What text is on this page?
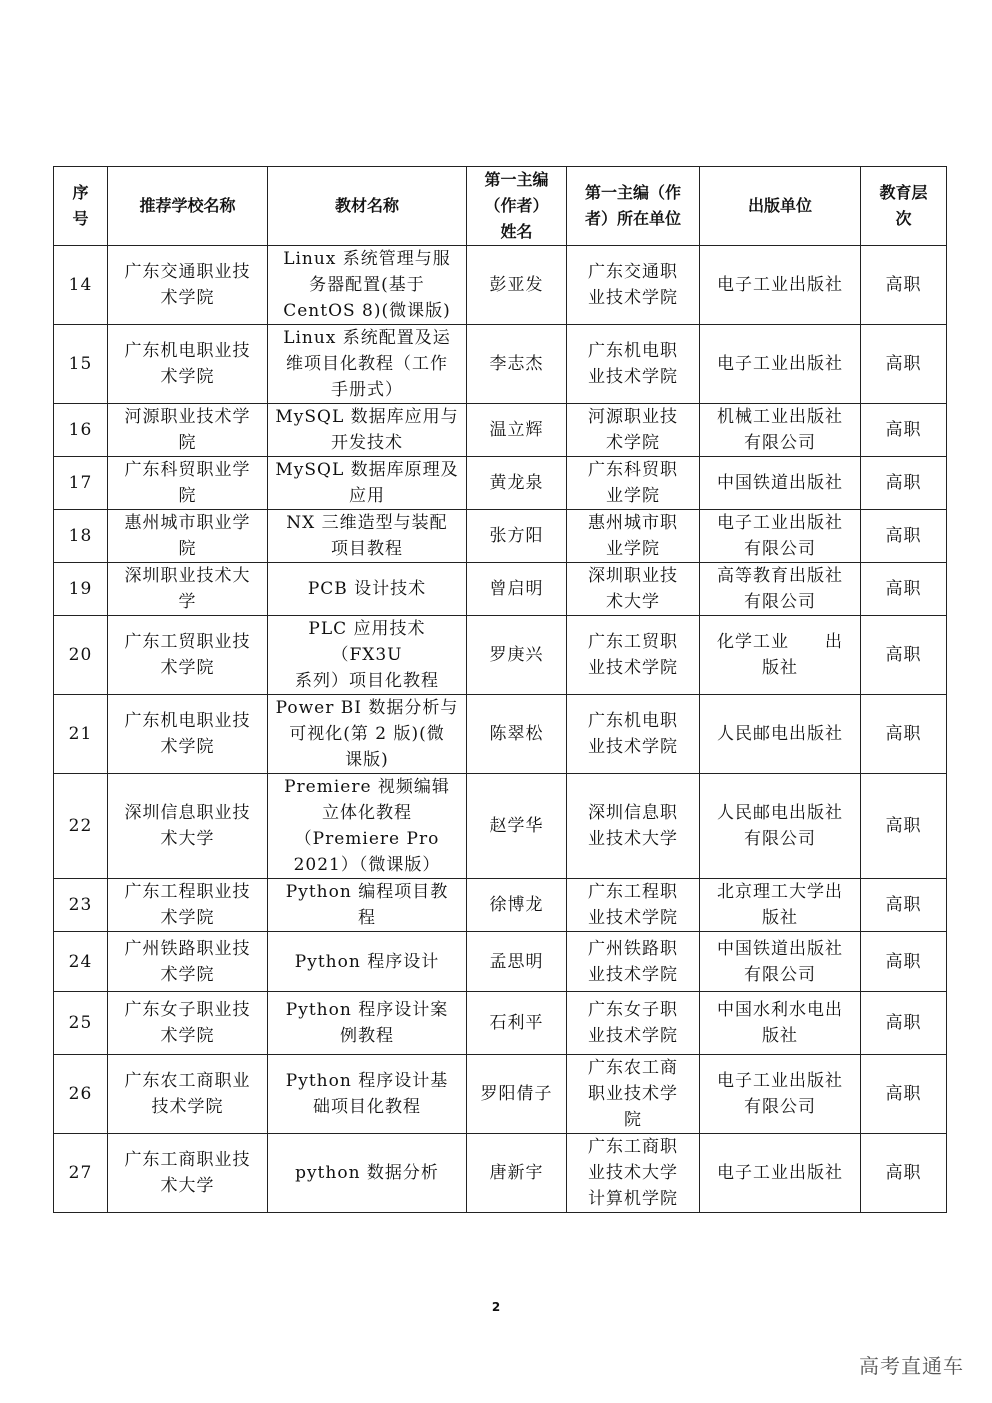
序
号	推荐学校名称	教材名称	第一主编
（作者）
姓名	第一主编（作
者）所在单位	出版单位	教育层
次
14	广东交通职业技
术学院	Linux 系统管理与服
务器配置(基于
CentOS 8)(微课版)	彭亚发	广东交通职
业技术学院	电子工业出版社	高职
15	广东机电职业技
术学院	Linux 系统配置及运
维项目化教程（工作
手册式）	李志杰	广东机电职
业技术学院	电子工业出版社	高职
16	河源职业技术学
院	MySQL 数据库应用与
开发技术	温立辉	河源职业技
术学院	机械工业出版社
有限公司	高职
17	广东科贸职业学
院	MySQL 数据库原理及
应用	黄龙泉	广东科贸职
业学院	中国铁道出版社	高职
18	惠州城市职业学
院	NX 三维造型与装配
项目教程	张方阳	惠州城市职
业学院	电子工业出版社
有限公司	高职
19	深圳职业技术大
学	PCB 设计技术	曾启明	深圳职业技
术大学	高等教育出版社
有限公司	高职
20	广东工贸职业技
术学院	PLC 应用技术（FX3U
系列）项目化教程	罗庚兴	广东工贸职
业技术学院	化学工业　　出
版社	高职
21	广东机电职业技
术学院	Power BI 数据分析与
可视化(第 2 版)(微
课版)	陈翠松	广东机电职
业技术学院	人民邮电出版社	高职
22	深圳信息职业技
术大学	Premiere 视频编辑
立体化教程
（Premiere Pro
2021）（微课版）	赵学华	深圳信息职
业技术大学	人民邮电出版社
有限公司	高职
23	广东工程职业技
术学院	Python 编程项目教
程	徐博龙	广东工程职
业技术学院	北京理工大学出
版社	高职
24	广州铁路职业技
术学院	Python 程序设计	孟思明	广州铁路职
业技术学院	中国铁道出版社
有限公司	高职
25	广东女子职业技
术学院	Python 程序设计案
例教程	石利平	广东女子职
业技术学院	中国水利水电出
版社	高职
26	广东农工商职业
技术学院	Python 程序设计基
础项目化教程	罗阳倩子	广东农工商
职业技术学
院	电子工业出版社
有限公司	高职
27	广东工商职业技
术大学	python 数据分析	唐新宇	广东工商职
业技术大学
计算机学院	电子工业出版社	高职
2
高考直通车
